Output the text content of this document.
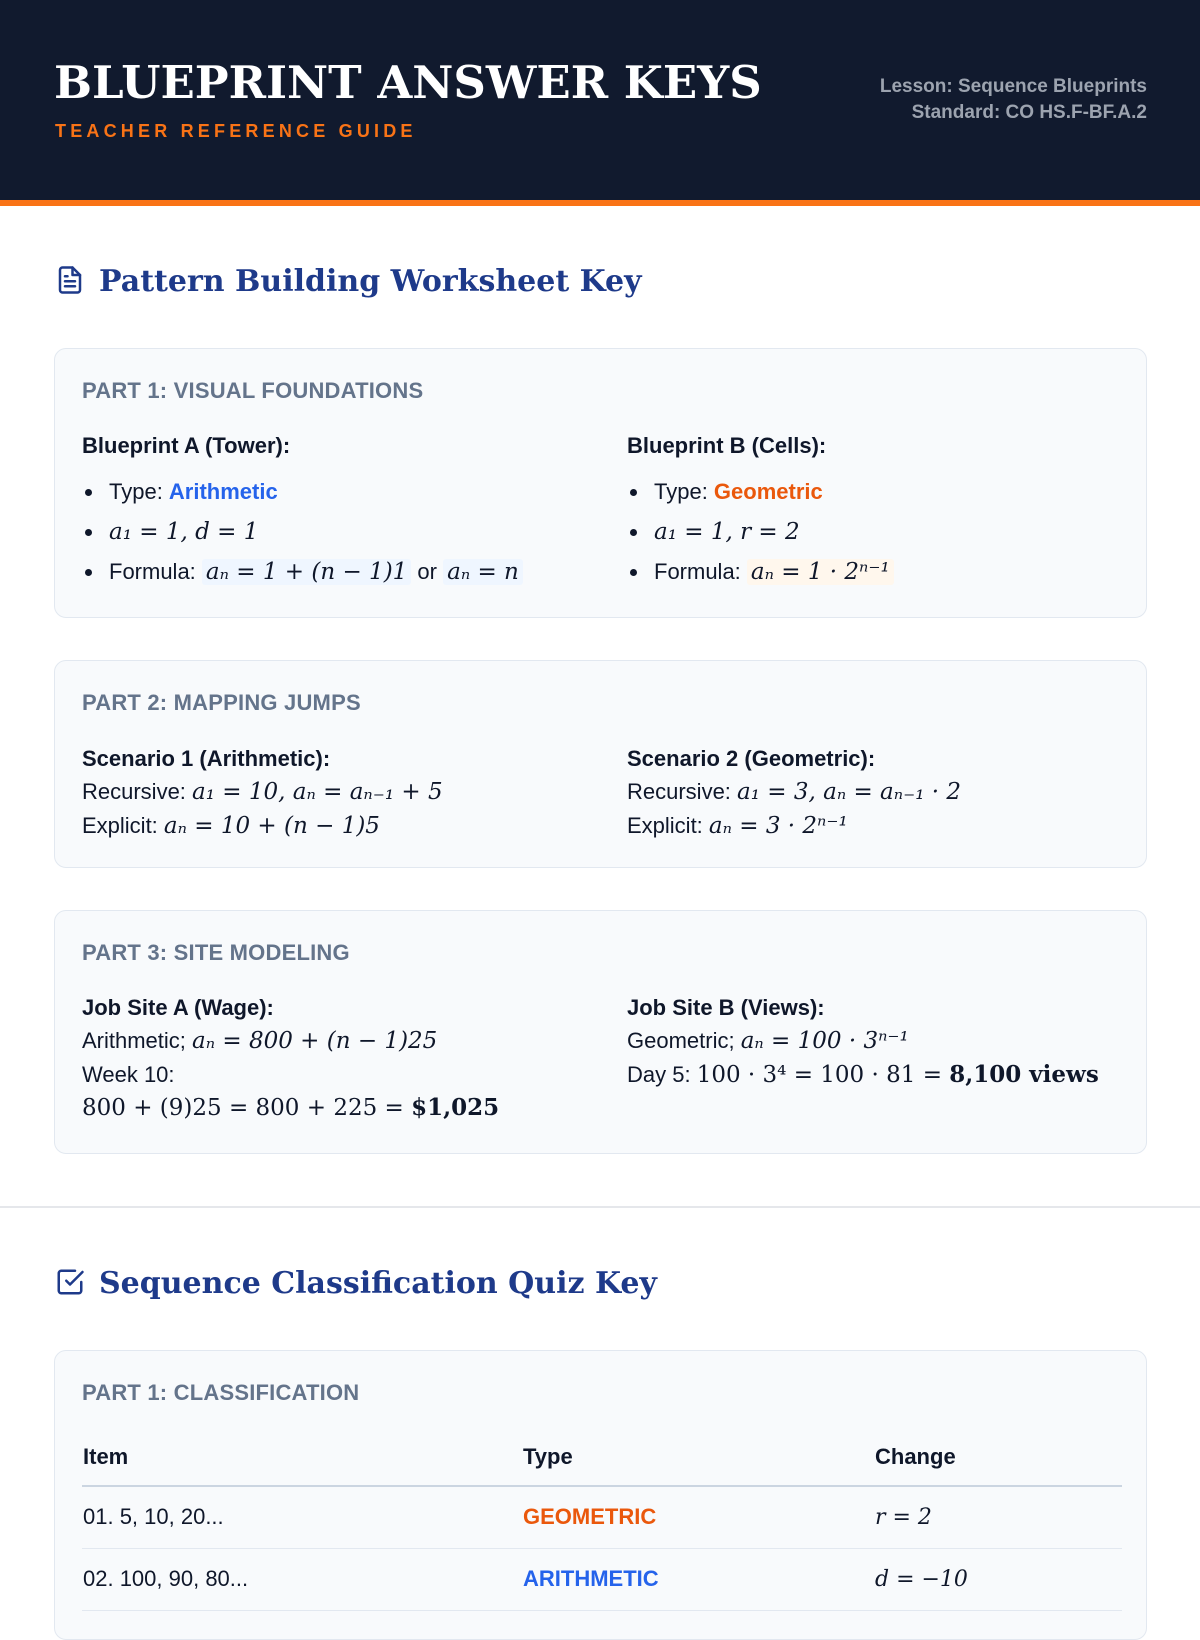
BLUEPRINT ANSWER KEYS
TEACHER REFERENCE GUIDE
Lesson: Sequence Blueprints
Standard: CO HS.F-BF.A.2
Pattern Building Worksheet Key
PART 1: VISUAL FOUNDATIONS
Blueprint A (Tower):
Type: Arithmetic
a₁ = 1, d = 1
Formula: aₙ = 1 + (n − 1)1 or aₙ = n
Blueprint B (Cells):
Type: Geometric
a₁ = 1, r = 2
Formula: aₙ = 1 · 2ⁿ⁻¹
PART 2: MAPPING JUMPS
Scenario 1 (Arithmetic):
Recursive: a₁ = 10, aₙ = aₙ₋₁ + 5
Explicit: aₙ = 10 + (n − 1)5
Scenario 2 (Geometric):
Recursive: a₁ = 3, aₙ = aₙ₋₁ · 2
Explicit: aₙ = 3 · 2ⁿ⁻¹
PART 3: SITE MODELING
Job Site A (Wage):
Arithmetic; aₙ = 800 + (n − 1)25
Week 10:
800 + (9)25 = 800 + 225 = $1,025
Job Site B (Views):
Geometric; aₙ = 100 · 3ⁿ⁻¹
Day 5: 100 · 3⁴ = 100 · 81 = 8,100 views
Sequence Classification Quiz Key
PART 1: CLASSIFICATION
Item	Type	Change
01. 5, 10, 20...	GEOMETRIC	r = 2
02. 100, 90, 80...	ARITHMETIC	d = −10
